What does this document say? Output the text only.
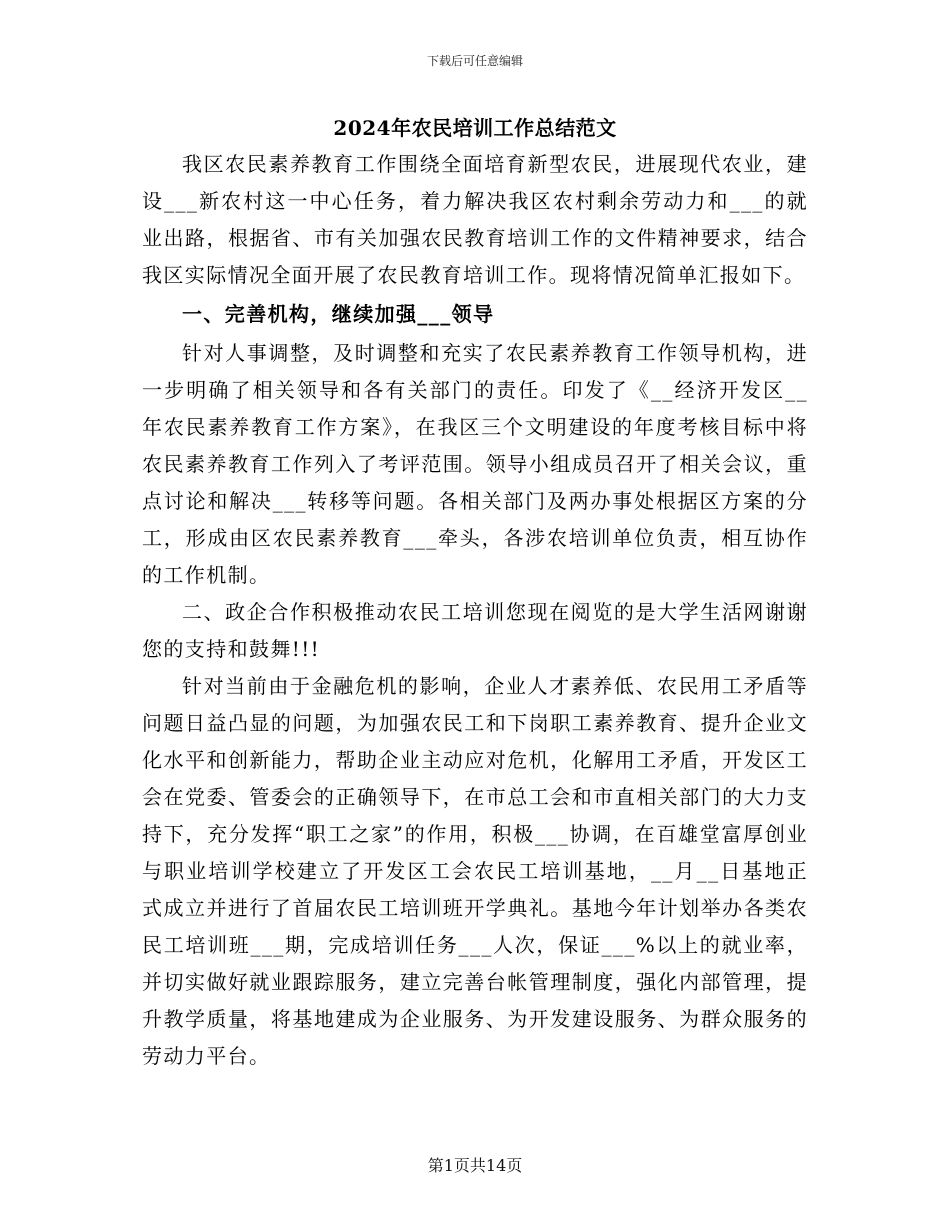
下载后可任意编辑
2024年农民培训工作总结范文

我区农民素养教育工作围绕全面培育新型农民，进展现代农业，建设___新农村这一中心任务，着力解决我区农村剩余劳动力和___的就业出路，根据省、市有关加强农民教育培训工作的文件精神要求，结合我区实际情况全面开展了农民教育培训工作。现将情况简单汇报如下。

一、完善机构，继续加强___领导

针对人事调整，及时调整和充实了农民素养教育工作领导机构，进一步明确了相关领导和各有关部门的责任。印发了《__经济开发区__年农民素养教育工作方案》，在我区三个文明建设的年度考核目标中将农民素养教育工作列入了考评范围。领导小组成员召开了相关会议，重点讨论和解决___转移等问题。各相关部门及两办事处根据区方案的分工，形成由区农民素养教育___牵头，各涉农培训单位负责，相互协作的工作机制。

二、政企合作积极推动农民工培训您现在阅览的是大学生活网谢谢您的支持和鼓舞!!!

针对当前由于金融危机的影响，企业人才素养低、农民用工矛盾等问题日益凸显的问题，为加强农民工和下岗职工素养教育、提升企业文化水平和创新能力，帮助企业主动应对危机，化解用工矛盾，开发区工会在党委、管委会的正确领导下，在市总工会和市直相关部门的大力支持下，充分发挥“职工之家”的作用，积极___协调，在百雄堂富厚创业与职业培训学校建立了开发区工会农民工培训基地，__月__日基地正式成立并进行了首届农民工培训班开学典礼。基地今年计划举办各类农民工培训班___期，完成培训任务___人次，保证___%以上的就业率，并切实做好就业跟踪服务，建立完善台帐管理制度，强化内部管理，提升教学质量，将基地建成为企业服务、为开发建设服务、为群众服务的劳动力平台。

第1页共14页
